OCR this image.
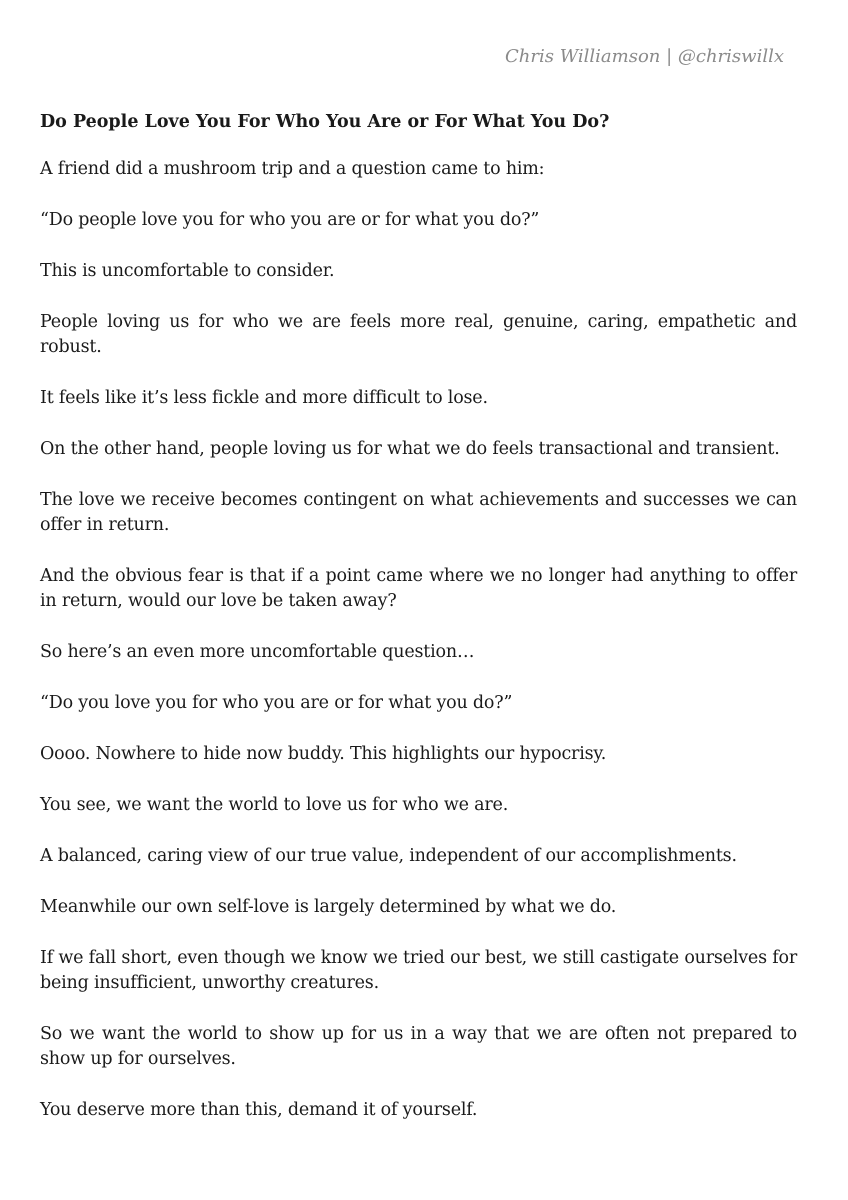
Chris Williamson | @chriswillx
Do People Love You For Who You Are or For What You Do?

A friend did a mushroom trip and a question came to him:

“Do people love you for who you are or for what you do?”

This is uncomfortable to consider.

People loving us for who we are feels more real, genuine, caring, empathetic and robust.

It feels like it’s less fickle and more difficult to lose.

On the other hand, people loving us for what we do feels transactional and transient.

The love we receive becomes contingent on what achievements and successes we can offer in return.

And the obvious fear is that if a point came where we no longer had anything to offer in return, would our love be taken away?

So here’s an even more uncomfortable question…

“Do you love you for who you are or for what you do?”

Oooo. Nowhere to hide now buddy. This highlights our hypocrisy.

You see, we want the world to love us for who we are.

A balanced, caring view of our true value, independent of our accomplishments.

Meanwhile our own self-love is largely determined by what we do.

If we fall short, even though we know we tried our best, we still castigate ourselves for being insufficient, unworthy creatures.

So we want the world to show up for us in a way that we are often not prepared to show up for ourselves.

You deserve more than this, demand it of yourself.
